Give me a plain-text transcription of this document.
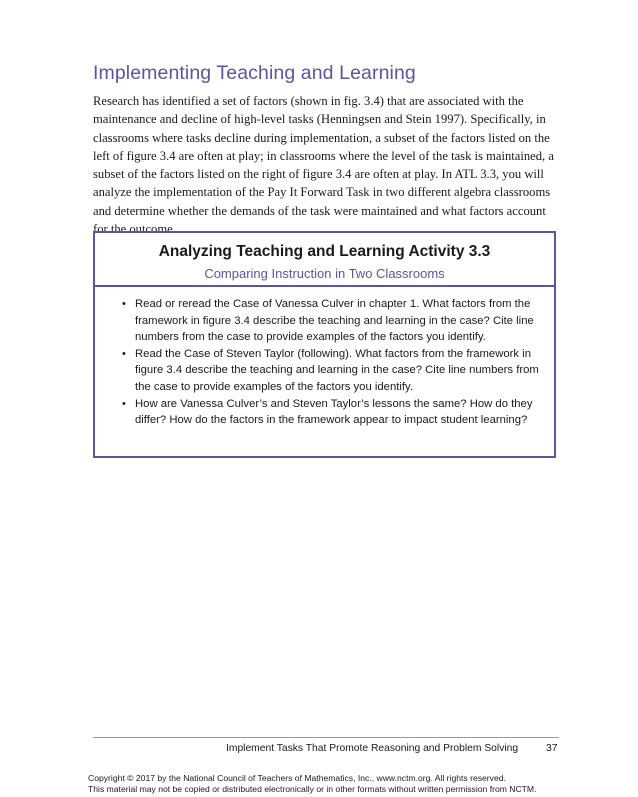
Implementing Teaching and Learning

Research has identified a set of factors (shown in fig. 3.4) that are associated with the maintenance and decline of high-level tasks (Henningsen and Stein 1997). Specifically, in classrooms where tasks decline during implementation, a subset of the factors listed on the left of figure 3.4 are often at play; in classrooms where the level of the task is maintained, a subset of the factors listed on the right of figure 3.4 are often at play. In ATL 3.3, you will analyze the implementation of the Pay It Forward Task in two different algebra classrooms and determine whether the demands of the task were maintained and what factors account for the outcome.

Analyzing Teaching and Learning Activity 3.3
Comparing Instruction in Two Classrooms
• Read or reread the Case of Vanessa Culver in chapter 1. What factors from the framework in figure 3.4 describe the teaching and learning in the case? Cite line numbers from the case to provide examples of the factors you identify.
• Read the Case of Steven Taylor (following). What factors from the framework in figure 3.4 describe the teaching and learning in the case? Cite line numbers from the case to provide examples of the factors you identify.
• How are Vanessa Culver’s and Steven Taylor’s lessons the same? How do they differ? How do the factors in the framework appear to impact student learning?
Implement Tasks That Promote Reasoning and Problem Solving	37
Copyright © 2017 by the National Council of Teachers of Mathematics, Inc., www.nctm.org. All rights reserved.
This material may not be copied or distributed electronically or in other formats without written permission from NCTM.
